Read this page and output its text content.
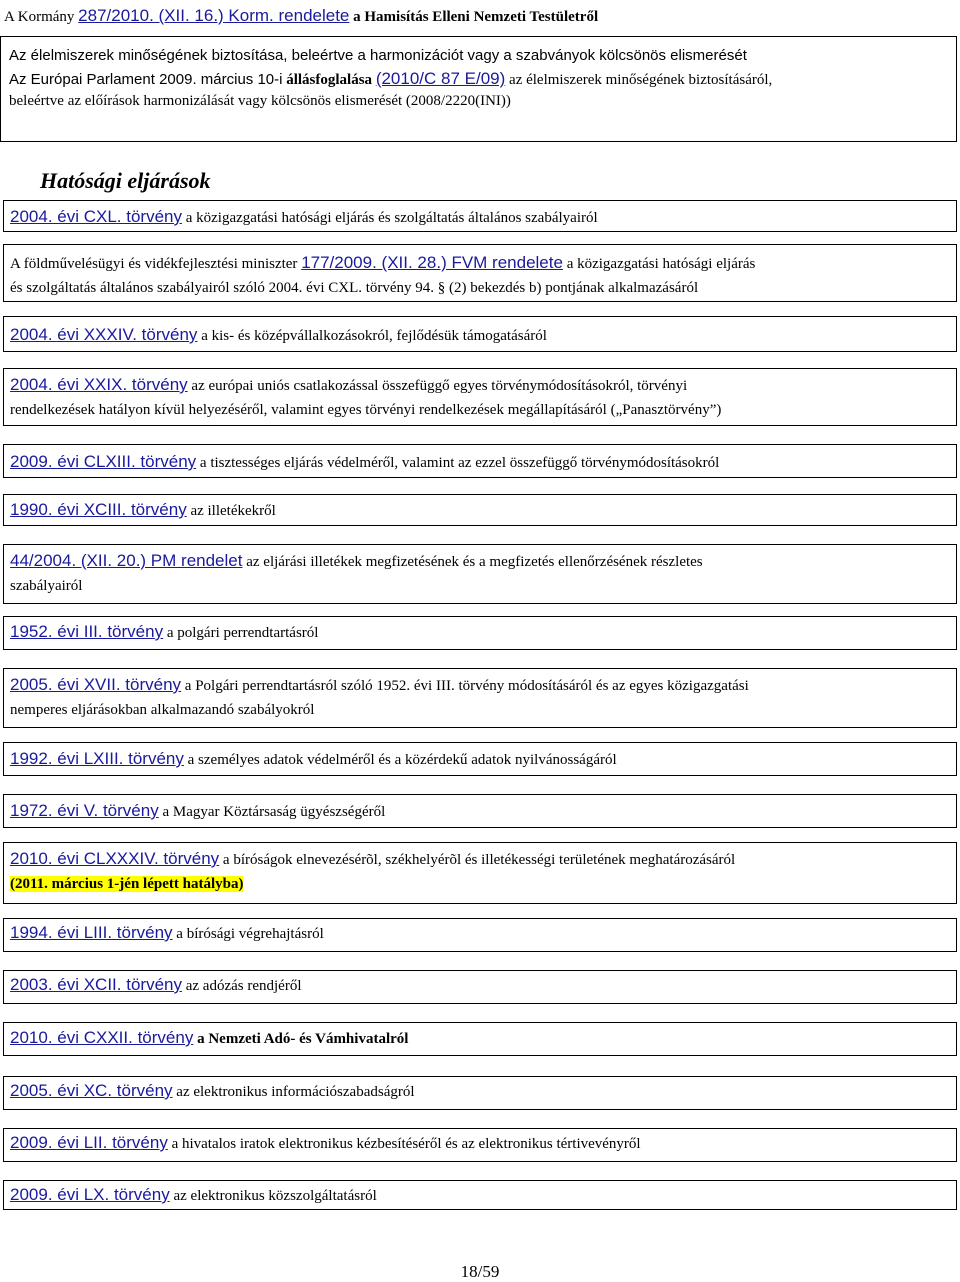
A Kormány 287/2010. (XII. 16.) Korm. rendelete a Hamisítás Elleni Nemzeti Testületről
Az élelmiszerek minőségének biztosítása, beleértve a harmonizációt vagy a szabványok kölcsönös elismerését
Az Európai Parlament 2009. március 10-i állásfoglalása (2010/C 87 E/09) az élelmiszerek minőségének biztosításáról,
beleértve az előírások harmonizálását vagy kölcsönös elismerését (2008/2220(INI))
Hatósági eljárások
2004. évi CXL. törvény a közigazgatási hatósági eljárás és szolgáltatás általános szabályairól
A földművelésügyi és vidékfejlesztési miniszter 177/2009. (XII. 28.) FVM rendelete a közigazgatási hatósági eljárás
és szolgáltatás általános szabályairól szóló 2004. évi CXL. törvény 94. § (2) bekezdés b) pontjának alkalmazásáról
2004. évi XXXIV. törvény a kis- és középvállalkozásokról, fejlődésük támogatásáról
2004. évi XXIX. törvény az európai uniós csatlakozással összefüggő egyes törvénymódosításokról, törvényi
rendelkezések hatályon kívül helyezéséről, valamint egyes törvényi rendelkezések megállapításáról („Panasztörvény”)
2009. évi CLXIII. törvény a tisztességes eljárás védelméről, valamint az ezzel összefüggő törvénymódosításokról
1990. évi XCIII. törvény az illetékekről
44/2004. (XII. 20.) PM rendelet az eljárási illetékek megfizetésének és a megfizetés ellenőrzésének részletes
szabályairól
1952. évi III. törvény a polgári perrendtartásról
2005. évi XVII. törvény a Polgári perrendtartásról szóló 1952. évi III. törvény módosításáról és az egyes közigazgatási
nemperes eljárásokban alkalmazandó szabályokról
1992. évi LXIII. törvény a személyes adatok védelméről és a közérdekű adatok nyilvánosságáról
1972. évi V. törvény a Magyar Köztársaság ügyészségéről
2010. évi CLXXXIV. törvény a bíróságok elnevezésérõl, székhelyérõl és illetékességi területének meghatározásáról
(2011. március 1-jén lépett hatályba)
1994. évi LIII. törvény a bírósági végrehajtásról
2003. évi XCII. törvény az adózás rendjéről
2010. évi CXXII. törvény a Nemzeti Adó- és Vámhivatalról
2005. évi XC. törvény az elektronikus információszabadságról
2009. évi LII. törvény a hivatalos iratok elektronikus kézbesítéséről és az elektronikus tértivevényről
2009. évi LX. törvény az elektronikus közszolgáltatásról
18/59
